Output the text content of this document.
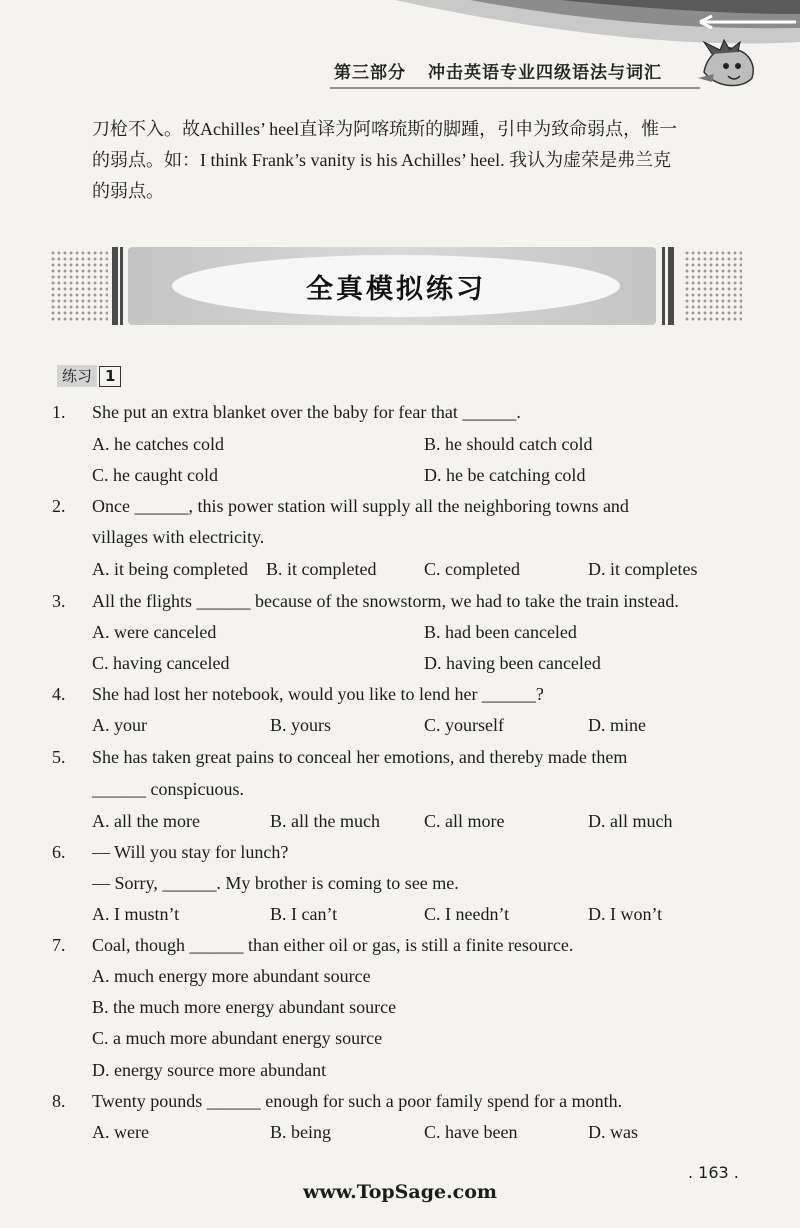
第三部分 冲击英语专业四级语法与词汇

刀枪不入。故Achilles’ heel直译为阿喀琉斯的脚踵，引申为致命弱点，惟一

的弱点。如：I think Frank’s vanity is his Achilles’ heel. 我认为虚荣是弗兰克

的弱点。

全真模拟练习
练习 1
1.	She put an extra blanket over the baby for fear that ______.
A. he catches cold	B. he should catch cold
C. he caught cold	D. he be catching cold
2.	Once ______, this power station will supply all the neighboring towns and
villages with electricity.
A. it being completed B. it completed	C. completed	D. it completes
3.	All the flights ______ because of the snowstorm, we had to take the train instead.
A. were canceled	B. had been canceled
C. having canceled	D. having been canceled
4.	She had lost her notebook, would you like to lend her ______?
A. your	B. yours	C. yourself	D. mine
5.	She has taken great pains to conceal her emotions, and thereby made them
______ conspicuous.
A. all the more	B. all the much C. all more	D. all much
6.	— Will you stay for lunch?
— Sorry, ______. My brother is coming to see me.
A. I mustn’t	B. I can’t	C. I needn’t	D. I won’t
7.	Coal, though ______ than either oil or gas, is still a finite resource.
A. much energy more abundant source
B. the much more energy abundant source
C. a much more abundant energy source
D. energy source more abundant
8.	Twenty pounds ______ enough for such a poor family spend for a month.
A. were	B. being	C. have been	D. was
. 163 .
www.TopSage.com
